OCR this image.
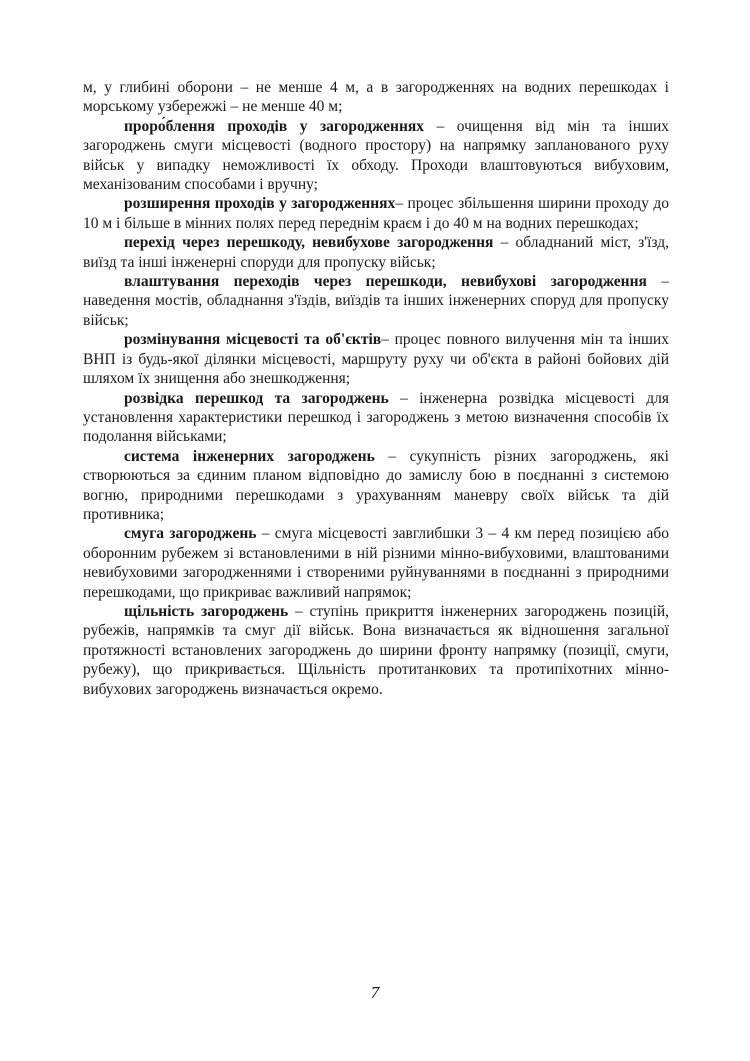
м, у глибині оборони – не менше 4 м, а в загородженнях на водних перешкодах і морському узбережжі – не менше 40 м;

проро́блення проходів у загородженнях – очищення від мін та інших загороджень смуги місцевості (водного простору) на напрямку запланованого руху військ у випадку неможливості їх обходу. Проходи влаштовуються вибуховим, механізованим способами і вручну;

розширення проходів у загородженнях– процес збільшення ширини проходу до 10 м і більше в мінних полях перед переднім краєм і до 40 м на водних перешкодах;

перехід через перешкоду, невибухове загородження – обладнаний міст, з'їзд, виїзд та інші інженерні споруди для пропуску військ;

влаштування переходів через перешкоди, невибухові загородження – наведення мостів, обладнання з'їздів, виїздів та інших інженерних споруд для пропуску військ;

розмінування місцевості та об'єктів– процес повного вилучення мін та інших ВНП із будь-якої ділянки місцевості, маршруту руху чи об'єкта в районі бойових дій шляхом їх знищення або знешкодження;

розвідка перешкод та загороджень – інженерна розвідка місцевості для установлення характеристики перешкод і загороджень з метою визначення способів їх подолання військами;

система інженерних загороджень – сукупність різних загороджень, які створюються за єдиним планом відповідно до замислу бою в поєднанні з системою вогню, природними перешкодами з урахуванням маневру своїх військ та дій противника;

смуга загороджень – смуга місцевості завглибшки 3 – 4 км перед позицією або оборонним рубежем зі встановленими в ній різними мінно-вибуховими, влаштованими невибуховими загородженнями і створеними руйнуваннями в поєднанні з природними перешкодами, що прикриває важливий напрямок;

щільність загороджень – ступінь прикриття інженерних загороджень позицій, рубежів, напрямків та смуг дії військ. Вона визначається як відношення загальної протяжності встановлених загороджень до ширини фронту напрямку (позиції, смуги, рубежу), що прикривається. Щільність протитанкових та протипіхотних мінно-вибухових загороджень визначається окремо.

7
